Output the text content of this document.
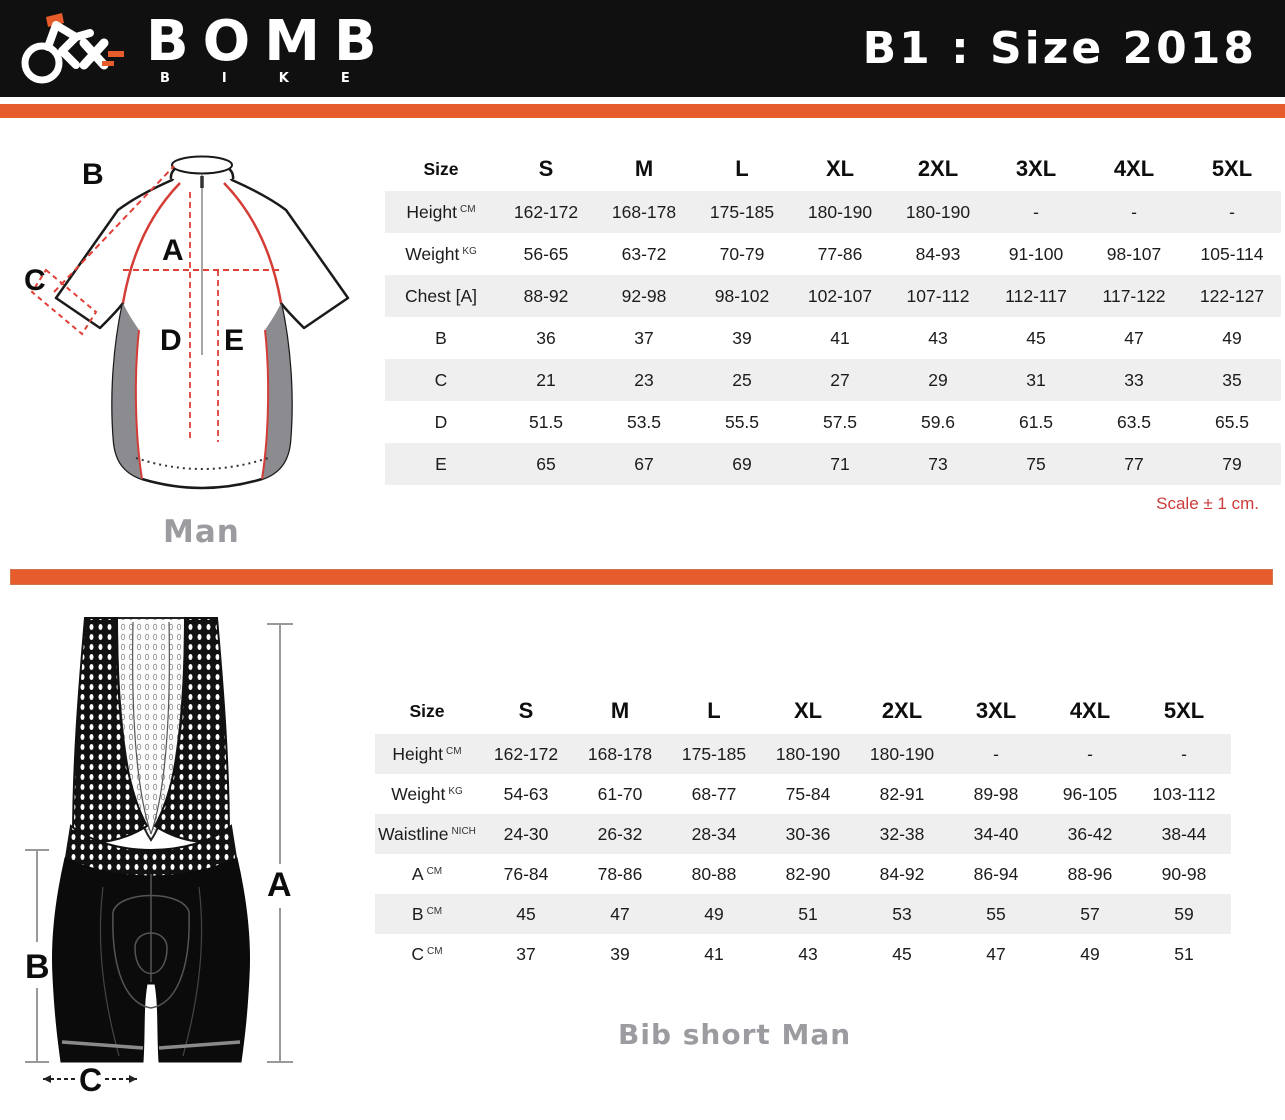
BOMB
BIKE
B1 : Size 2018
B
C
A
D E
Man
Size	S	M	L	XL	2XL	3XL	4XL	5XL
Height $^{CM}$	162-172	168-178	175-185	180-190	180-190	-	-	-
Weight $^{KG}$	56-65	63-72	70-79	77-86	84-93	91-100	98-107	105-114
Chest [A]	88-92	92-98	98-102	102-107	107-112	112-117	117-122	122-127
B	36	37	39	41	43	45	47	49
C	21	23	25	27	29	31	33	35
D	51.5	53.5	55.5	57.5	59.6	61.5	63.5	65.5
E	65	67	69	71	73	75	77	79
Scale ± 1 cm.
A
B
C
Size	S	M	L	XL	2XL	3XL	4XL	5XL
Height $^{CM}$	162-172	168-178	175-185	180-190	180-190	-	-	-
Weight $^{KG}$	54-63	61-70	68-77	75-84	82-91	89-98	96-105	103-112
Waistline $^{NICH}$	24-30	26-32	28-34	30-36	32-38	34-40	36-42	38-44
A $^{CM}$	76-84	78-86	80-88	82-90	84-92	86-94	88-96	90-98
B $^{CM}$	45	47	49	51	53	55	57	59
C $^{CM}$	37	39	41	43	45	47	49	51
Bib short Man
